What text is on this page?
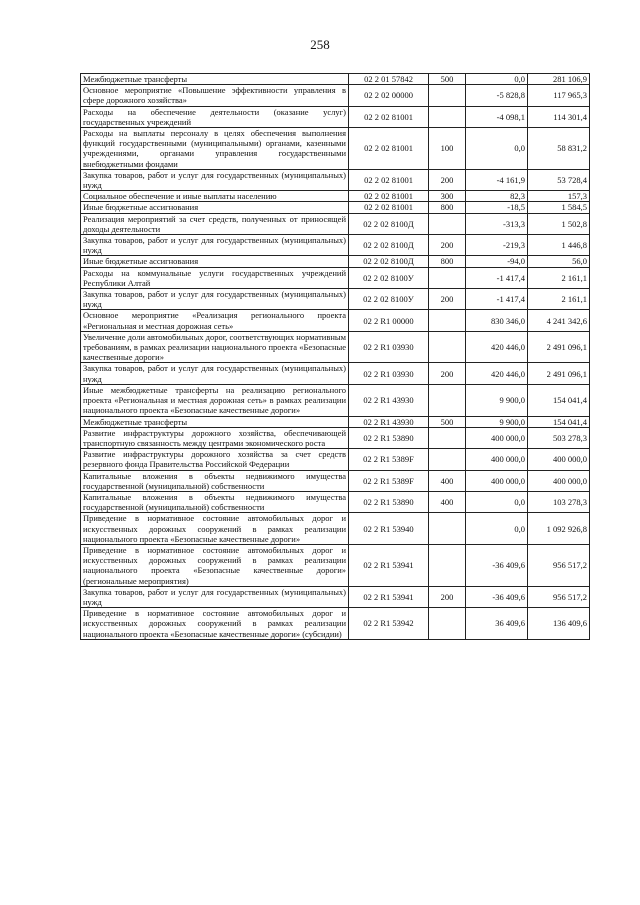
258
Межбюджетные трансферты	02 2 01 57842	500	0,0	281 106,9
Основное мероприятие «Повышение эффективности управления в сфере дорожного хозяйства»	02 2 02 00000		-5 828,8	117 965,3
Расходы на обеспечение деятельности (оказание услуг) государственных учреждений	02 2 02 81001		-4 098,1	114 301,4
Расходы на выплаты персоналу в целях обеспечения выполнения функций государственными (муниципальными) органами, казенными учреждениями, органами управления государственными внебюджетными фондами	02 2 02 81001	100	0,0	58 831,2
Закупка товаров, работ и услуг для государственных (муниципальных) нужд	02 2 02 81001	200	-4 161,9	53 728,4
Социальное обеспечение и иные выплаты населению	02 2 02 81001	300	82,3	157,3
Иные бюджетные ассигнования	02 2 02 81001	800	-18,5	1 584,5
Реализация мероприятий за счет средств, полученных от приносящей доходы деятельности	02 2 02 8100Д		-313,3	1 502,8
Закупка товаров, работ и услуг для государственных (муниципальных) нужд	02 2 02 8100Д	200	-219,3	1 446,8
Иные бюджетные ассигнования	02 2 02 8100Д	800	-94,0	56,0
Расходы на коммунальные услуги государственных учреждений Республики Алтай	02 2 02 8100У		-1 417,4	2 161,1
Закупка товаров, работ и услуг для государственных (муниципальных) нужд	02 2 02 8100У	200	-1 417,4	2 161,1
Основное мероприятие «Реализация регионального проекта «Региональная и местная дорожная сеть»	02 2 R1 00000		830 346,0	4 241 342,6
Увеличение доли автомобильных дорог, соответствующих нормативным требованиям, в рамках реализации национального проекта «Безопасные качественные дороги»	02 2 R1 03930		420 446,0	2 491 096,1
Закупка товаров, работ и услуг для государственных (муниципальных) нужд	02 2 R1 03930	200	420 446,0	2 491 096,1
Иные межбюджетные трансферты на реализацию регионального проекта «Региональная и местная дорожная сеть» в рамках реализации национального проекта «Безопасные качественные дороги»	02 2 R1 43930		9 900,0	154 041,4
Межбюджетные трансферты	02 2 R1 43930	500	9 900,0	154 041,4
Развитие инфраструктуры дорожного хозяйства, обеспечивающей транспортную связанность между центрами экономического роста	02 2 R1 53890		400 000,0	503 278,3
Развитие инфраструктуры дорожного хозяйства за счет средств резервного фонда Правительства Российской Федерации	02 2 R1 5389F		400 000,0	400 000,0
Капитальные вложения в объекты недвижимого имущества государственной (муниципальной) собственности	02 2 R1 5389F	400	400 000,0	400 000,0
Капитальные вложения в объекты недвижимого имущества государственной (муниципальной) собственности	02 2 R1 53890	400	0,0	103 278,3
Приведение в нормативное состояние автомобильных дорог и искусственных дорожных сооружений в рамках реализации национального проекта «Безопасные качественные дороги»	02 2 R1 53940		0,0	1 092 926,8
Приведение в нормативное состояние автомобильных дорог и искусственных дорожных сооружений в рамках реализации национального проекта «Безопасные качественные дороги» (региональные мероприятия)	02 2 R1 53941		-36 409,6	956 517,2
Закупка товаров, работ и услуг для государственных (муниципальных) нужд	02 2 R1 53941	200	-36 409,6	956 517,2
Приведение в нормативное состояние автомобильных дорог и искусственных дорожных сооружений в рамках реализации национального проекта «Безопасные качественные дороги» (субсидии)	02 2 R1 53942		36 409,6	136 409,6
